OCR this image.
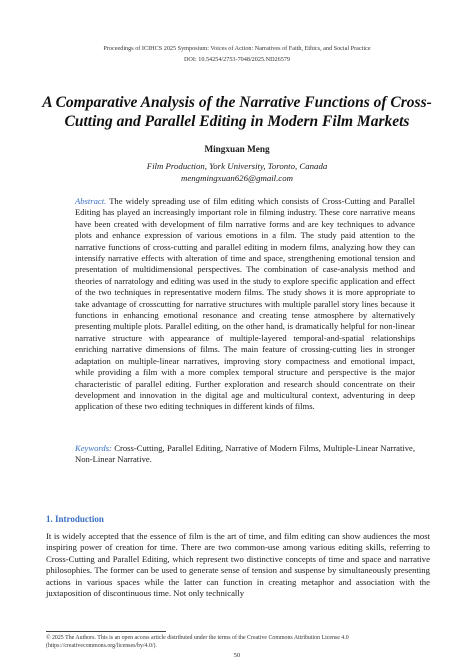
Proceedings of ICIHCS 2025 Symposium: Voices of Action: Narratives of Faith, Ethics, and Social Practice
DOI: 10.54254/2753-7048/2025.ND26579
A Comparative Analysis of the Narrative Functions of Cross-Cutting and Parallel Editing in Modern Film Markets
Mingxuan Meng
Film Production, York University, Toronto, Canada
mengmingxuan626@gmail.com
Abstract. The widely spreading use of film editing which consists of Cross-Cutting and Parallel Editing has played an increasingly important role in filming industry. These core narrative means have been created with development of film narrative forms and are key techniques to advance plots and enhance expression of various emotions in a film. The study paid attention to the narrative functions of cross-cutting and parallel editing in modern films, analyzing how they can intensify narrative effects with alteration of time and space, strengthening emotional tension and presentation of multidimensional perspectives. The combination of case-analysis method and theories of narratology and editing was used in the study to explore specific application and effect of the two techniques in representative modern films. The study shows it is more appropriate to take advantage of crosscutting for narrative structures with multiple parallel story lines because it functions in enhancing emotional resonance and creating tense atmosphere by alternatively presenting multiple plots. Parallel editing, on the other hand, is dramatically helpful for non-linear narrative structure with appearance of multiple-layered temporal-and-spatial relationships enriching narrative dimensions of films. The main feature of crossing-cutting lies in stronger adaptation on multiple-linear narratives, improving story compactness and emotional impact, while providing a film with a more complex temporal structure and perspective is the major characteristic of parallel editing. Further exploration and research should concentrate on their development and innovation in the digital age and multicultural context, adventuring in deep application of these two editing techniques in different kinds of films.
Keywords: Cross-Cutting, Parallel Editing, Narrative of Modern Films, Multiple-Linear Narrative, Non-Linear Narrative.
1. Introduction
It is widely accepted that the essence of film is the art of time, and film editing can show audiences the most inspiring power of creation for time. There are two common-use among various editing skills, referring to Cross-Cutting and Parallel Editing, which represent two distinctive concepts of time and space and narrative philosophies. The former can be used to generate sense of tension and suspense by simultaneously presenting actions in various spaces while the latter can function in creating metaphor and association with the juxtaposition of discontinuous time. Not only technically
© 2025 The Authors. This is an open access article distributed under the terms of the Creative Commons Attribution License 4.0
(https://creativecommons.org/licenses/by/4.0/).
50
